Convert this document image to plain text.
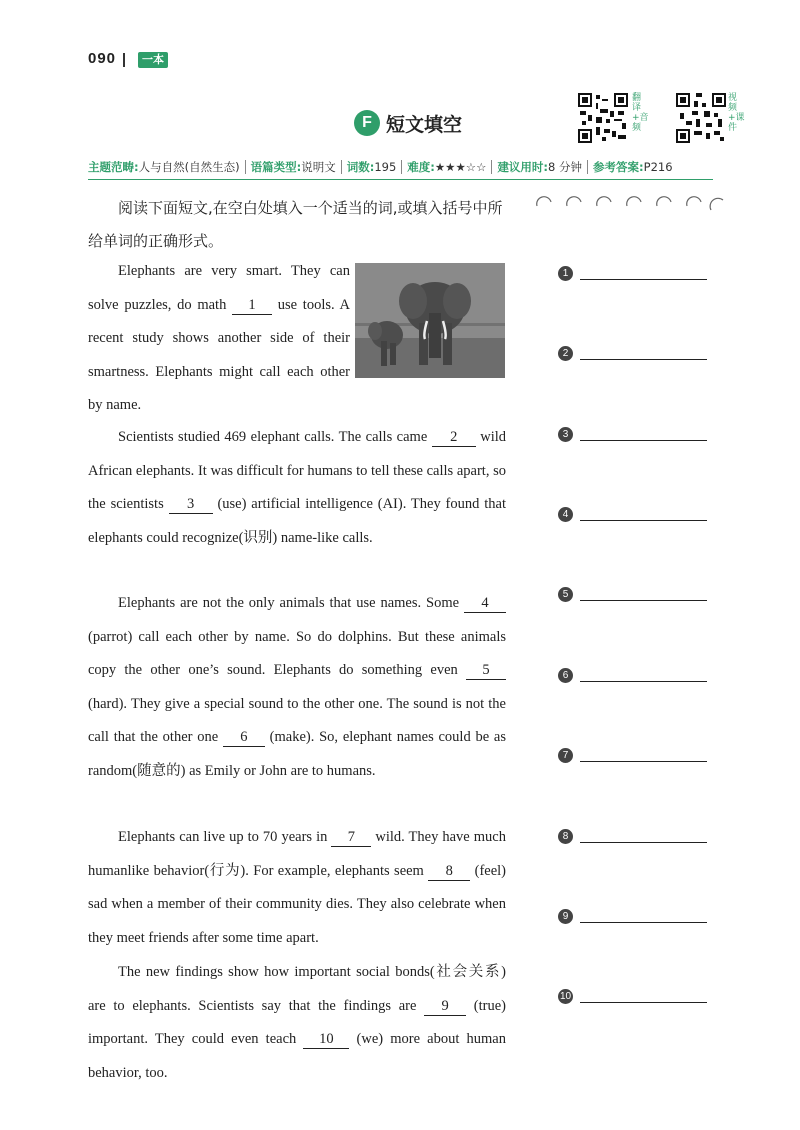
090	一本
F 短文填空
翻译+音频
视频+课件
主题范畴: 人与自然(自然生态) 语篇类型: 说明文 词数: 195 难度: ★★★☆☆ 建议用时: 8 分钟 参考答案: P216
阅读下面短文,在空白处填入一个适当的词,或填入括号中所给单词的正确形式。
Elephants are very smart. They can solve puzzles, do math 1 use tools. A recent study shows another side of their smartness. Elephants might call each other by name.
Scientists studied 469 elephant calls. The calls came 2 wild African elephants. It was difficult for humans to tell these calls apart, so the scientists 3 (use) artificial intelligence (AI). They found that elephants could recognize(识别) name-like calls.
Elephants are not the only animals that use names. Some 4 (parrot) call each other by name. So do dolphins. But these animals copy the other one’s sound. Elephants do something even 5 (hard). They give a special sound to the other one. The sound is not the call that the other one 6 (make). So, elephant names could be as random(随意的) as Emily or John are to humans.
Elephants can live up to 70 years in 7 wild. They have much humanlike behavior(行为). For example, elephants seem 8 (feel) sad when a member of their community dies. They also celebrate when they meet friends after some time apart.
The new findings show how important social bonds(社会关系) are to elephants. Scientists say that the findings are 9 (true) important. They could even teach 10 (we) more about human behavior, too.
1
2
3
4
5
6
7
8
9
10
